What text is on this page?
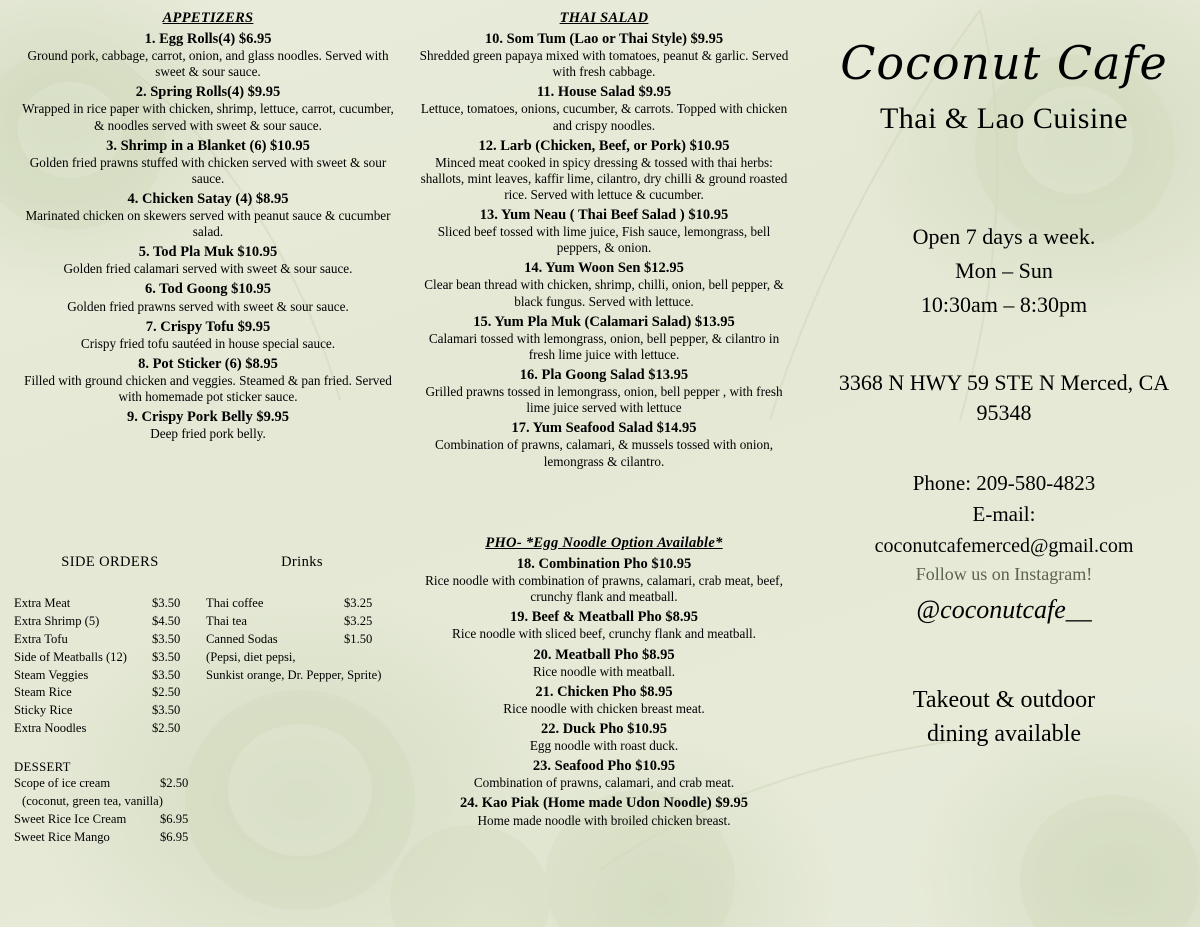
APPETIZERS
1. Egg Rolls(4) $6.95
Ground pork, cabbage, carrot, onion, and glass noodles. Served with sweet & sour sauce.
2. Spring Rolls(4) $9.95
Wrapped in rice paper with chicken, shrimp, lettuce, carrot, cucumber, & noodles served with sweet & sour sauce.
3. Shrimp in a Blanket (6) $10.95
Golden fried prawns stuffed with chicken served with sweet & sour sauce.
4. Chicken Satay (4) $8.95
Marinated chicken on skewers served with peanut sauce & cucumber salad.
5. Tod Pla Muk $10.95
Golden fried calamari served with sweet & sour sauce.
6. Tod Goong $10.95
Golden fried prawns served with sweet & sour sauce.
7. Crispy Tofu $9.95
Crispy fried tofu sautéed in house special sauce.
8. Pot Sticker (6) $8.95
Filled with ground chicken and veggies. Steamed & pan fried. Served with homemade pot sticker sauce.
9. Crispy Pork Belly $9.95
Deep fried pork belly.
THAI SALAD
10. Som Tum (Lao or Thai Style) $9.95
Shredded green papaya mixed with tomatoes, peanut & garlic. Served with fresh cabbage.
11. House Salad $9.95
Lettuce, tomatoes, onions, cucumber, & carrots. Topped with chicken and crispy noodles.
12. Larb (Chicken, Beef, or Pork) $10.95
Minced meat cooked in spicy dressing & tossed with thai herbs: shallots, mint leaves, kaffir lime, cilantro, dry chilli & ground roasted rice. Served with lettuce & cucumber.
13. Yum Neau ( Thai Beef Salad ) $10.95
Sliced beef tossed with lime juice, Fish sauce, lemongrass, bell peppers, & onion.
14. Yum Woon Sen $12.95
Clear bean thread with chicken, shrimp, chilli, onion, bell pepper, & black fungus. Served with lettuce.
15. Yum Pla Muk (Calamari Salad) $13.95
Calamari tossed with lemongrass, onion, bell pepper, & cilantro in fresh lime juice with lettuce.
16. Pla Goong Salad $13.95
Grilled prawns tossed in lemongrass, onion, bell pepper , with fresh lime juice served with lettuce
17. Yum Seafood Salad $14.95
Combination of prawns, calamari, & mussels tossed with onion, lemongrass & cilantro.
PHO- *Egg Noodle Option Available*
18. Combination Pho $10.95
Rice noodle with combination of prawns, calamari, crab meat, beef, crunchy flank and meatball.
19. Beef & Meatball Pho $8.95
Rice noodle with sliced beef, crunchy flank and meatball.
20. Meatball Pho $8.95
Rice noodle with meatball.
21. Chicken Pho $8.95
Rice noodle with chicken breast meat.
22. Duck Pho $10.95
Egg noodle with roast duck.
23. Seafood Pho $10.95
Combination of prawns, calamari, and crab meat.
24. Kao Piak (Home made Udon Noodle) $9.95
Home made noodle with broiled chicken breast.
SIDE ORDERS	Drinks
Extra Meat	$3.50
Extra Shrimp (5)	$4.50
Extra Tofu	$3.50
Side of Meatballs (12)	$3.50
Steam Veggies	$3.50
Steam Rice	$2.50
Sticky Rice	$3.50
Extra Noodles	$2.50
Thai coffee	$3.25
Thai tea	$3.25
Canned Sodas	$1.50
(Pepsi, diet pepsi,
Sunkist orange, Dr. Pepper, Sprite)
DESSERT
Scope of ice cream	$2.50
(coconut, green tea, vanilla)
Sweet Rice Ice Cream	$6.95
Sweet Rice Mango	$6.95
Coconut Cafe
Thai & Lao Cuisine
Open 7 days a week.
Mon – Sun
10:30am – 8:30pm
3368 N HWY 59 STE N Merced, CA
95348
Phone: 209-580-4823
E-mail:
coconutcafemerced@gmail.com
Follow us on Instagram!
@coconutcafe__
Takeout & outdoor
dining available
